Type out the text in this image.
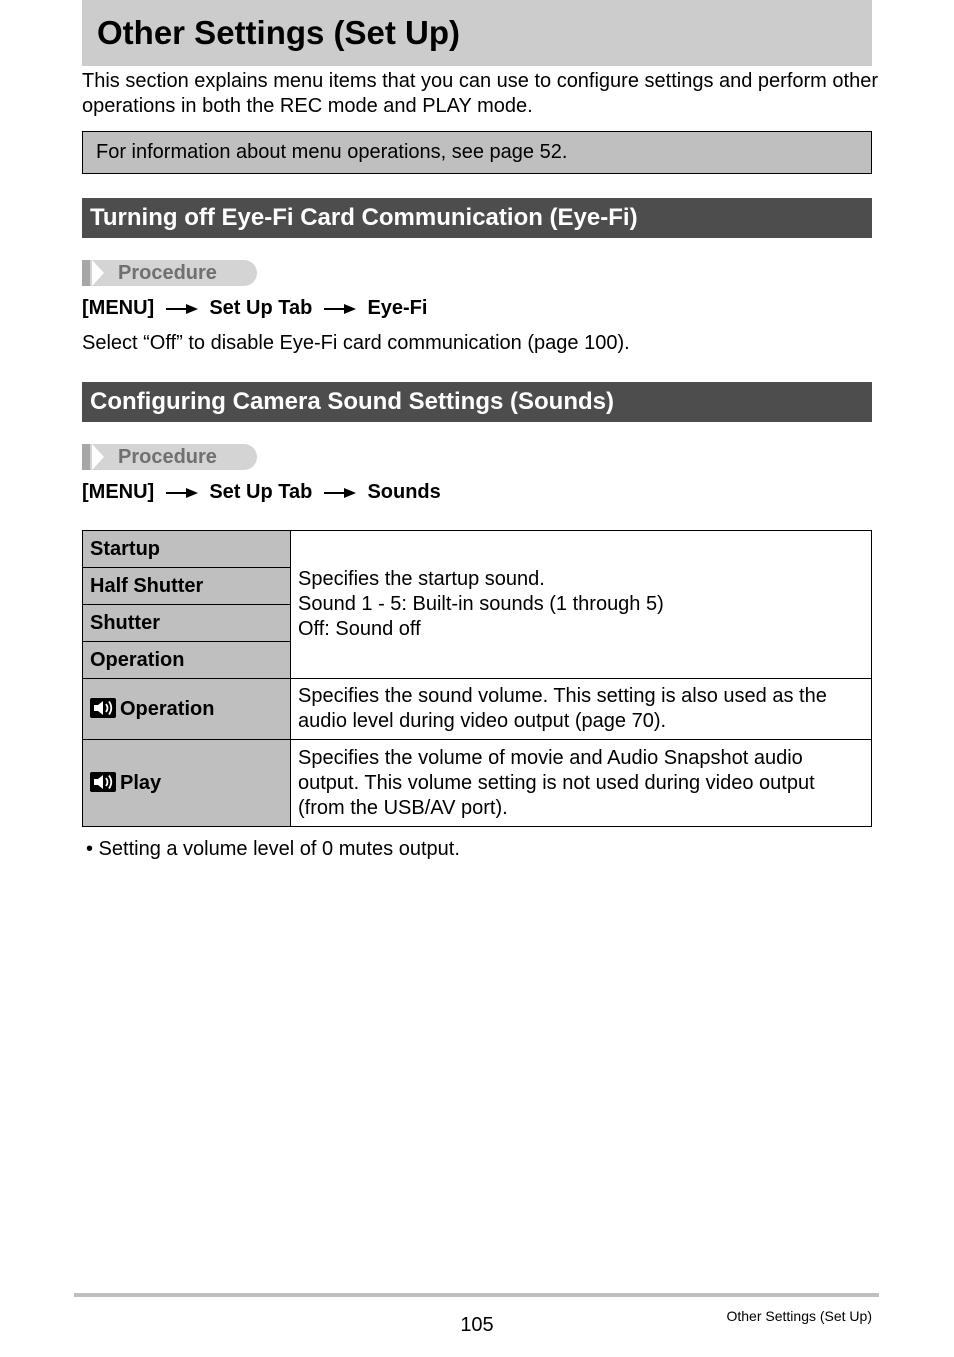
Other Settings (Set Up)
This section explains menu items that you can use to configure settings and perform other operations in both the REC mode and PLAY mode.
For information about menu operations, see page 52.
Turning off Eye-Fi Card Communication (Eye-Fi)
Procedure
[MENU]	Set Up Tab	Eye-Fi
Select “Off” to disable Eye-Fi card communication (page 100).
Configuring Camera Sound Settings (Sounds)
Procedure
[MENU]	Set Up Tab	Sounds
Startup	Specifies the startup sound.
Sound 1 - 5: Built-in sounds (1 through 5)
Off: Sound off

Half Shutter	
Shutter	
Operation	
Operation	Specifies the sound volume. This setting is also used as the
audio level during video output (page 70).

Play	Specifies the volume of movie and Audio Snapshot audio
output. This volume setting is not used during video output
(from the USB/AV port).
• Setting a volume level of 0 mutes output.
105	Other Settings (Set Up)
